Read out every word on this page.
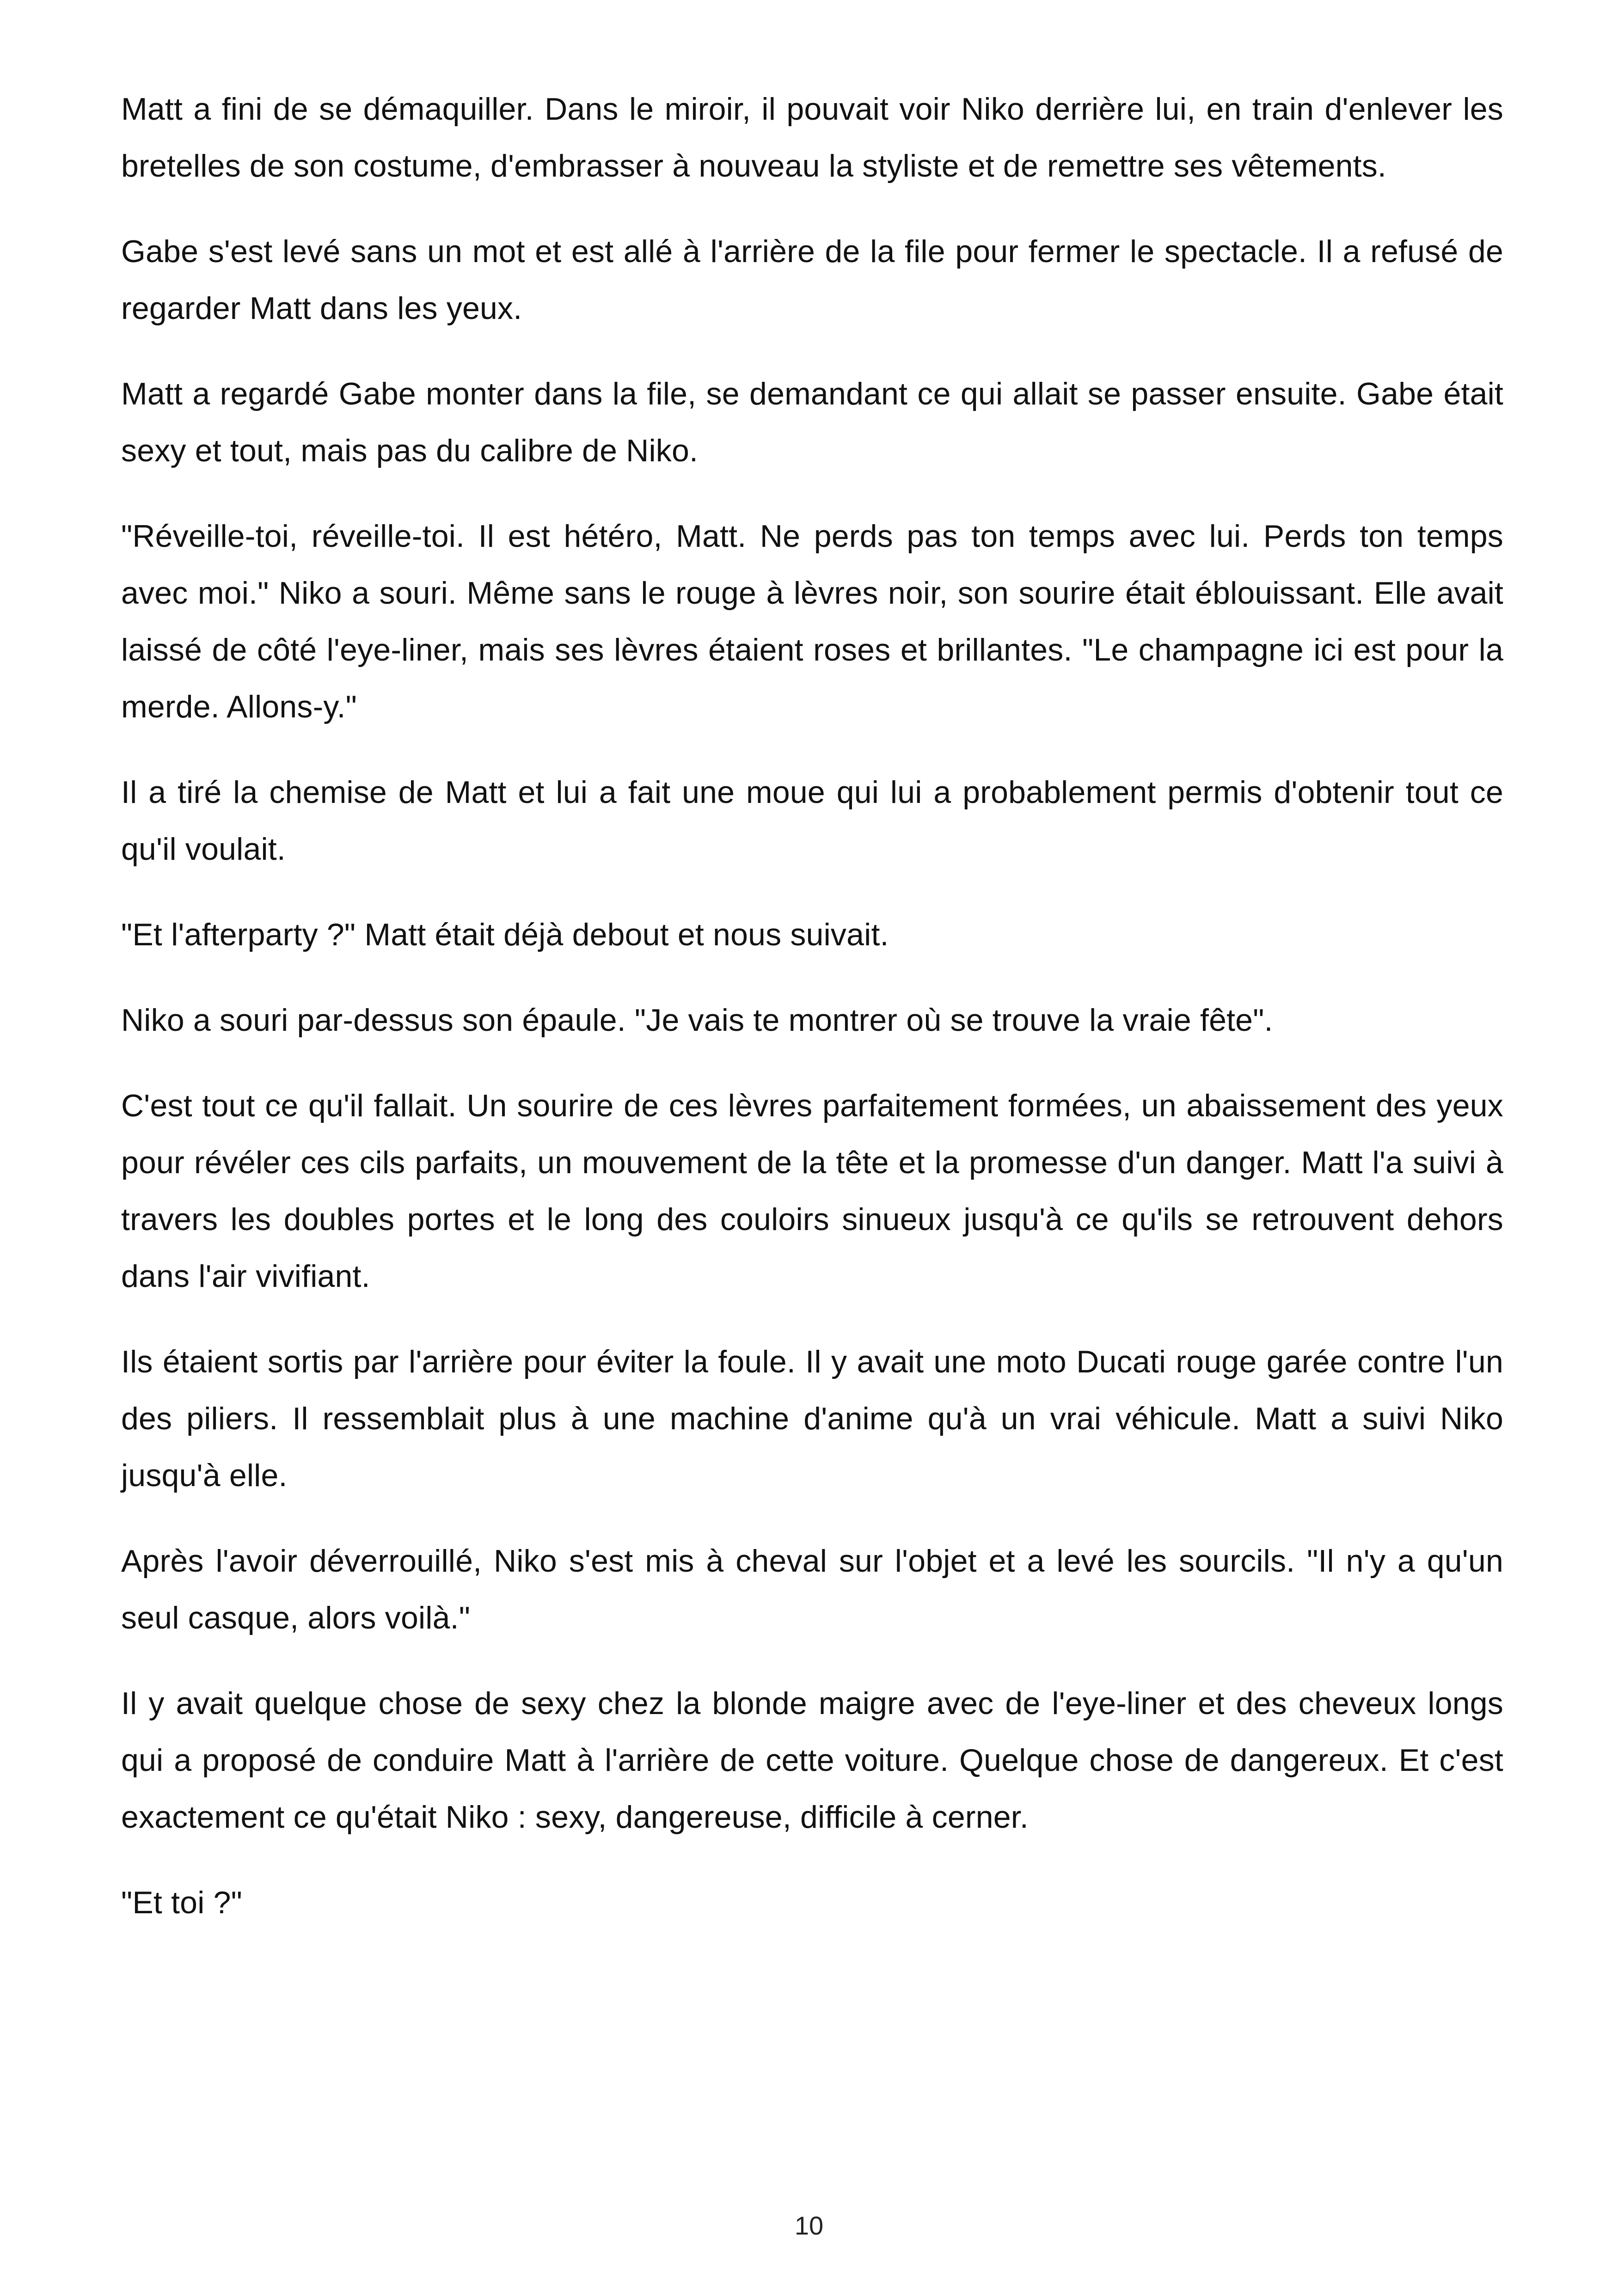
Matt a fini de se démaquiller. Dans le miroir, il pouvait voir Niko derrière lui, en train d'enlever les bretelles de son costume, d'embrasser à nouveau la styliste et de remettre ses vêtements.

Gabe s'est levé sans un mot et est allé à l'arrière de la file pour fermer le spectacle. Il a refusé de regarder Matt dans les yeux.

Matt a regardé Gabe monter dans la file, se demandant ce qui allait se passer ensuite. Gabe était sexy et tout, mais pas du calibre de Niko.

"Réveille-toi, réveille-toi. Il est hétéro, Matt. Ne perds pas ton temps avec lui. Perds ton temps avec moi." Niko a souri. Même sans le rouge à lèvres noir, son sourire était éblouissant. Elle avait laissé de côté l'eye-liner, mais ses lèvres étaient roses et brillantes. "Le champagne ici est pour la merde. Allons-y."

Il a tiré la chemise de Matt et lui a fait une moue qui lui a probablement permis d'obtenir tout ce qu'il voulait.

"Et l'afterparty ?" Matt était déjà debout et nous suivait.

Niko a souri par-dessus son épaule. "Je vais te montrer où se trouve la vraie fête".

C'est tout ce qu'il fallait. Un sourire de ces lèvres parfaitement formées, un abaissement des yeux pour révéler ces cils parfaits, un mouvement de la tête et la promesse d'un danger. Matt l'a suivi à travers les doubles portes et le long des couloirs sinueux jusqu'à ce qu'ils se retrouvent dehors dans l'air vivifiant.

Ils étaient sortis par l'arrière pour éviter la foule. Il y avait une moto Ducati rouge garée contre l'un des piliers. Il ressemblait plus à une machine d'anime qu'à un vrai véhicule. Matt a suivi Niko jusqu'à elle.

Après l'avoir déverrouillé, Niko s'est mis à cheval sur l'objet et a levé les sourcils. "Il n'y a qu'un seul casque, alors voilà."

Il y avait quelque chose de sexy chez la blonde maigre avec de l'eye-liner et des cheveux longs qui a proposé de conduire Matt à l'arrière de cette voiture. Quelque chose de dangereux. Et c'est exactement ce qu'était Niko : sexy, dangereuse, difficile à cerner.

"Et toi ?"

10
